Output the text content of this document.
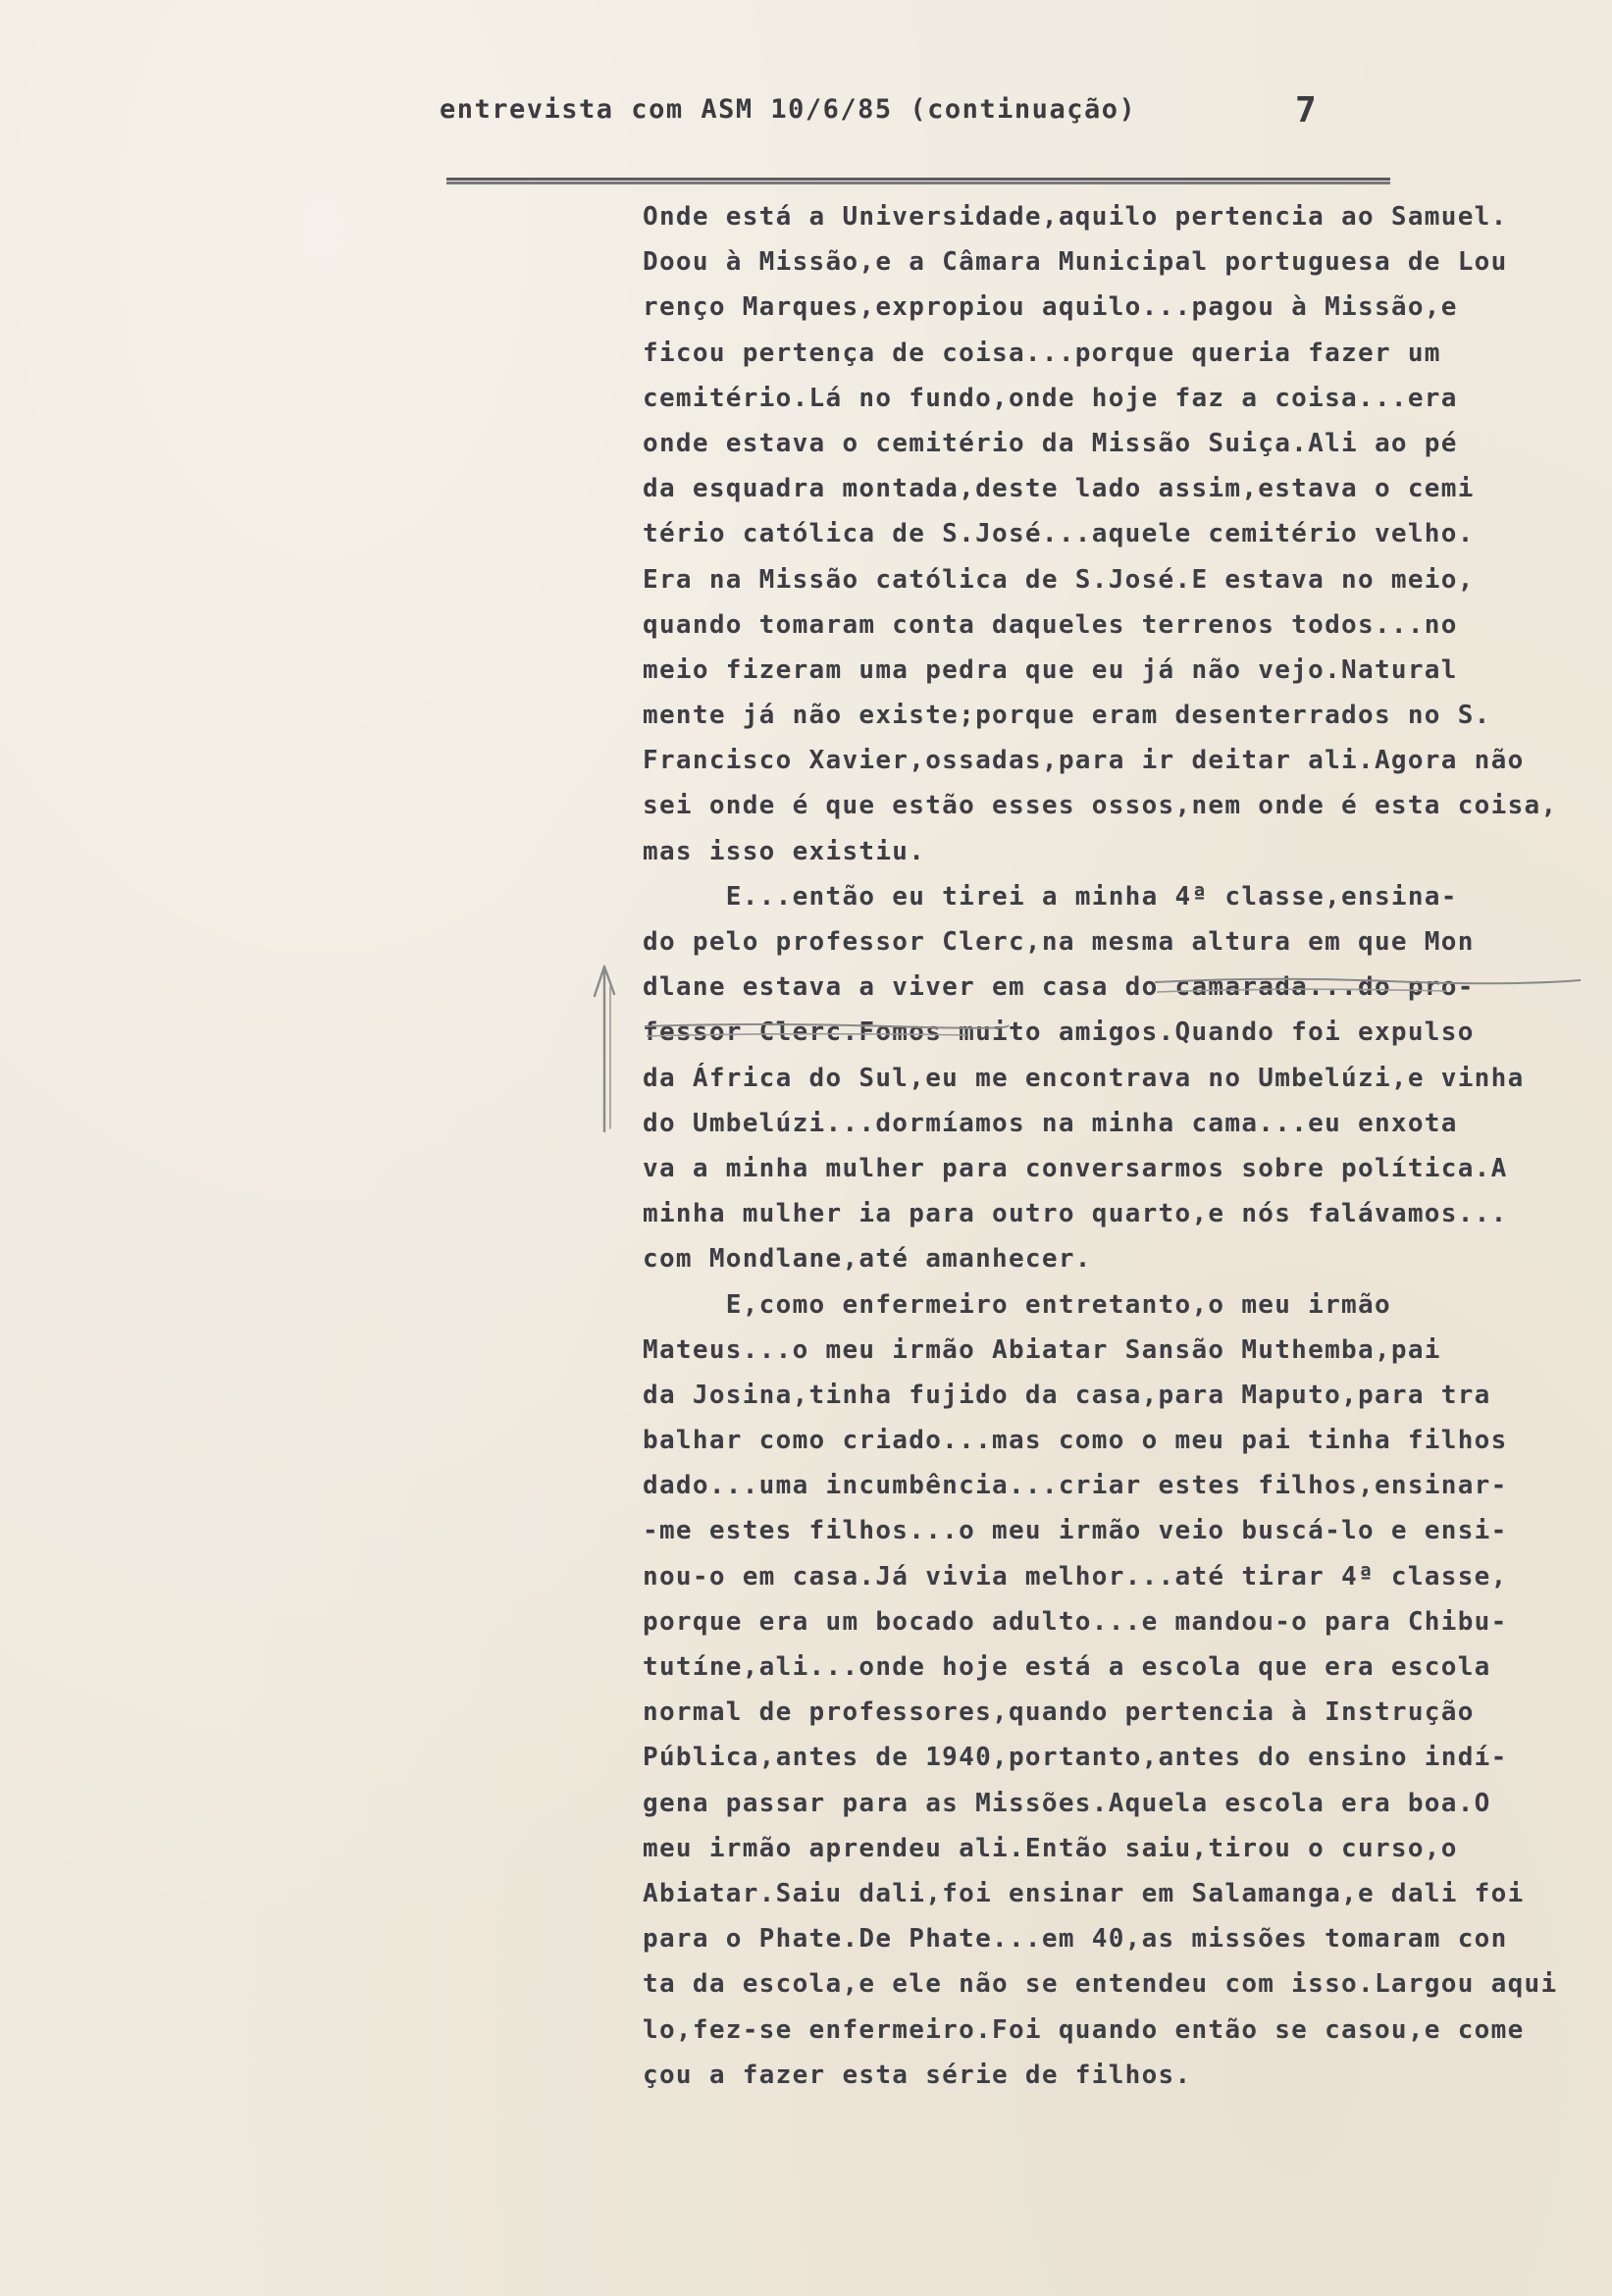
entrevista com ASM 10/6/85 (continuação)	7
Onde está a Universidade,aquilo pertencia ao Samuel.
Doou à Missão,e a Câmara Municipal portuguesa de Lou
renço Marques,expropiou aquilo...pagou à Missão,e
ficou pertença de coisa...porque queria fazer um
cemitério.Lá no fundo,onde hoje faz a coisa...era
onde estava o cemitério da Missão Suiça.Ali ao pé
da esquadra montada,deste lado assim,estava o cemi
tério católica de S.José...aquele cemitério velho.
Era na Missão católica de S.José.E estava no meio,
quando tomaram conta daqueles terrenos todos...no
meio fizeram uma pedra que eu já não vejo.Natural
mente já não existe;porque eram desenterrados no S.
Francisco Xavier,ossadas,para ir deitar ali.Agora não
sei onde é que estão esses ossos,nem onde é esta coisa,
mas isso existiu.
E...então eu tirei a minha 4ª classe,ensina-
do pelo professor Clerc,na mesma altura em que Mon
dlane estava a viver em casa do camarada...do pro-
fessor Clerc.Fomos muito amigos.Quando foi expulso
da África do Sul,eu me encontrava no Umbelúzi,e vinha
do Umbelúzi...dormíamos na minha cama...eu enxota
va a minha mulher para conversarmos sobre política.A
minha mulher ia para outro quarto,e nós falávamos...
com Mondlane,até amanhecer.
E,como enfermeiro entretanto,o meu irmão
Mateus...o meu irmão Abiatar Sansão Muthemba,pai
da Josina,tinha fujido da casa,para Maputo,para tra
balhar como criado...mas como o meu pai tinha filhos
dado...uma incumbência...criar estes filhos,ensinar-
-me estes filhos...o meu irmão veio buscá-lo e ensi-
nou-o em casa.Já vivia melhor...até tirar 4ª classe,
porque era um bocado adulto...e mandou-o para Chibu-
tutíne,ali...onde hoje está a escola que era escola
normal de professores,quando pertencia à Instrução
Pública,antes de 1940,portanto,antes do ensino indí-
gena passar para as Missões.Aquela escola era boa.O
meu irmão aprendeu ali.Então saiu,tirou o curso,o
Abiatar.Saiu dali,foi ensinar em Salamanga,e dali foi
para o Phate.De Phate...em 40,as missões tomaram con
ta da escola,e ele não se entendeu com isso.Largou aqui
lo,fez-se enfermeiro.Foi quando então se casou,e come
çou a fazer esta série de filhos.
